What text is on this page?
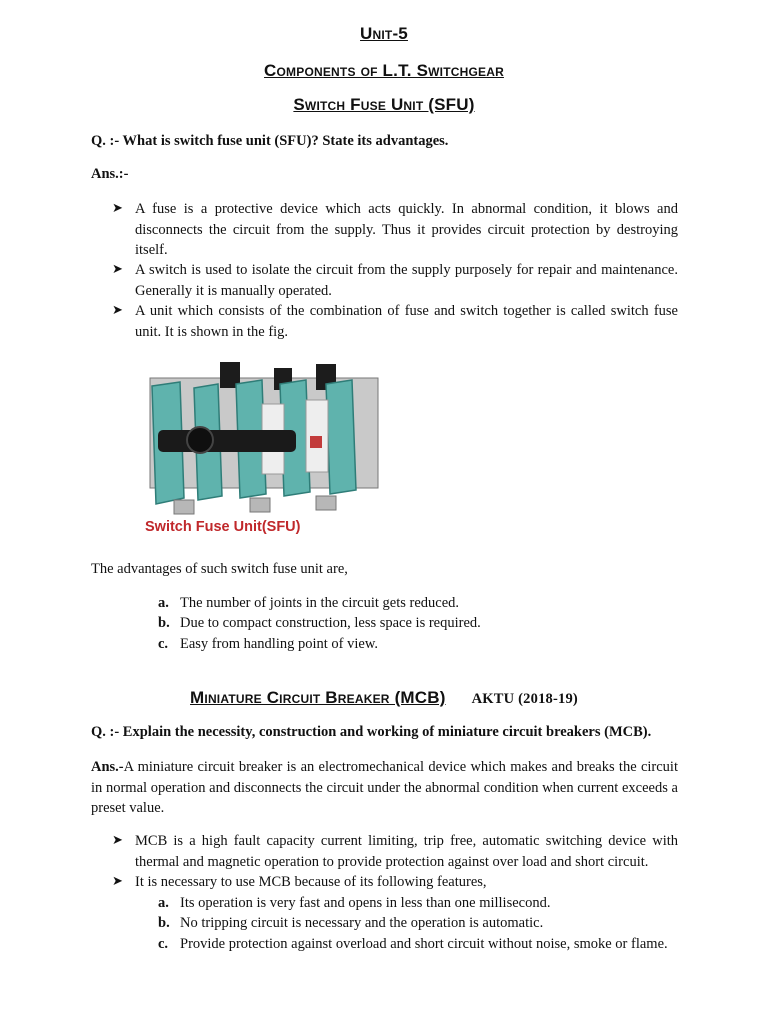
Unit-5
Components of L.T. Switchgear
Switch Fuse Unit (SFU)
Q. :- What is switch fuse unit (SFU)? State its advantages.
Ans.:-
➤ A fuse is a protective device which acts quickly. In abnormal condition, it blows and disconnects the circuit from the supply. Thus it provides circuit protection by destroying itself.
➤ A switch is used to isolate the circuit from the supply purposely for repair and maintenance. Generally it is manually operated.
➤ A unit which consists of the combination of fuse and switch together is called switch fuse unit. It is shown in the fig.
Switch Fuse Unit(SFU)
The advantages of such switch fuse unit are,
a. The number of joints in the circuit gets reduced.
b. Due to compact construction, less space is required.
c. Easy from handling point of view.
Miniature Circuit Breaker (MCB) AKTU (2018-19)
Q. :- Explain the necessity, construction and working of miniature circuit breakers (MCB).
Ans.-A miniature circuit breaker is an electromechanical device which makes and breaks the circuit in normal operation and disconnects the circuit under the abnormal condition when current exceeds a preset value.
➤ MCB is a high fault capacity current limiting, trip free, automatic switching device with thermal and magnetic operation to provide protection against over load and short circuit.
➤ It is necessary to use MCB because of its following features,
a. Its operation is very fast and opens in less than one millisecond.
b. No tripping circuit is necessary and the operation is automatic.
c. Provide protection against overload and short circuit without noise, smoke or flame.
